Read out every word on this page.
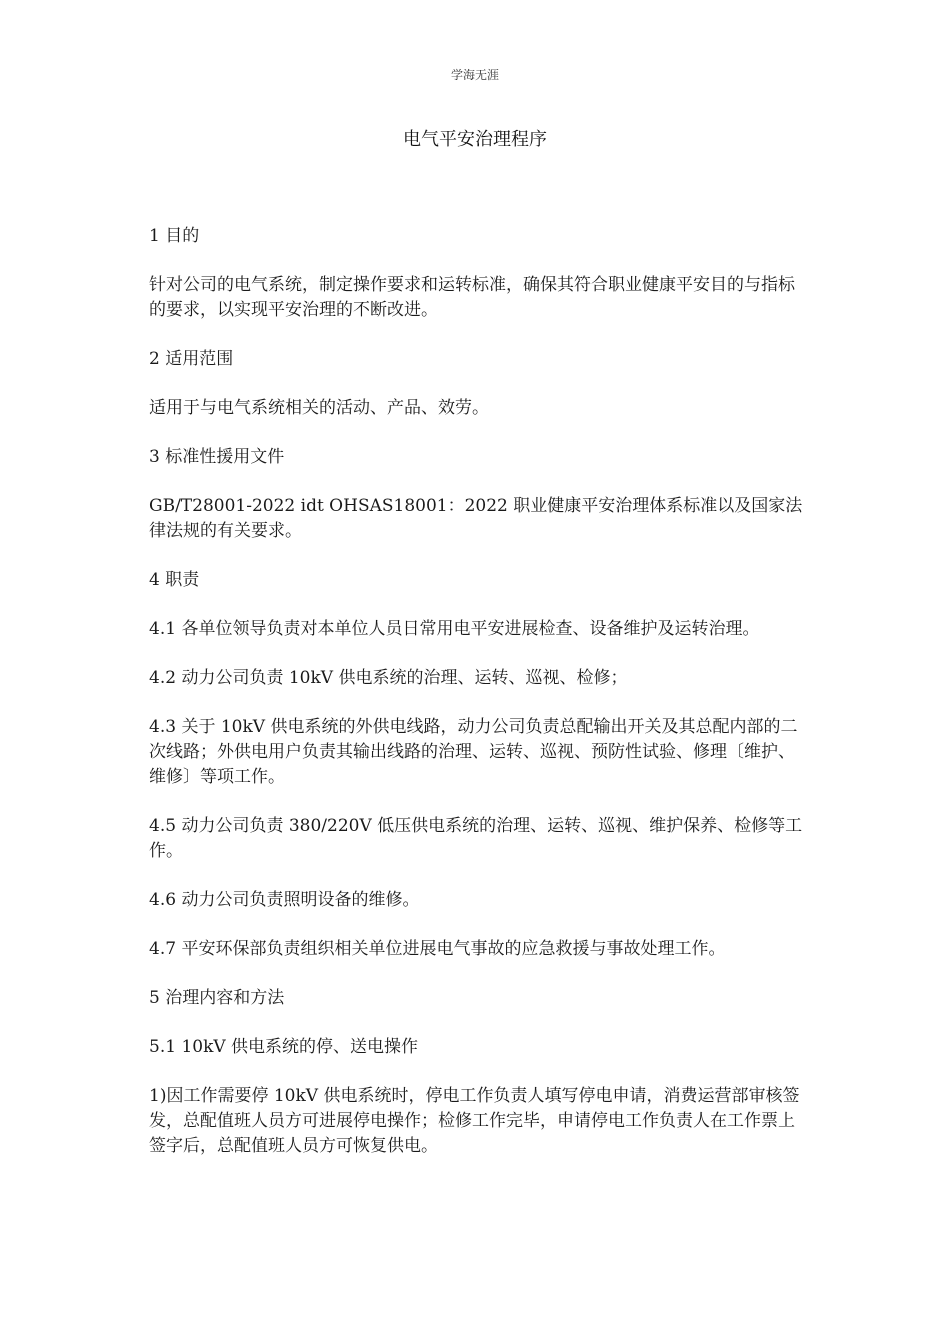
学海无涯
电气平安治理程序

1 目的

针对公司的电气系统，制定操作要求和运转标准，确保其符合职业健康平安目的与指标的要求，以实现平安治理的不断改进。

2 适用范围

适用于与电气系统相关的活动、产品、效劳。

3 标准性援用文件

GB/T28001-2022 idt OHSAS18001：2022 职业健康平安治理体系标准以及国家法律法规的有关要求。

4 职责

4.1 各单位领导负责对本单位人员日常用电平安进展检查、设备维护及运转治理。

4.2 动力公司负责 10kV 供电系统的治理、运转、巡视、检修；

4.3 关于 10kV 供电系统的外供电线路，动力公司负责总配输出开关及其总配内部的二次线路；外供电用户负责其输出线路的治理、运转、巡视、预防性试验、修理〔维护、维修〕等项工作。

4.5 动力公司负责 380/220V 低压供电系统的治理、运转、巡视、维护保养、检修等工作。

4.6 动力公司负责照明设备的维修。

4.7 平安环保部负责组织相关单位进展电气事故的应急救援与事故处理工作。

5 治理内容和方法

5.1 10kV 供电系统的停、送电操作

1)因工作需要停 10kV 供电系统时，停电工作负责人填写停电申请，消费运营部审核签发，总配值班人员方可进展停电操作；检修工作完毕，申请停电工作负责人在工作票上签字后，总配值班人员方可恢复供电。
